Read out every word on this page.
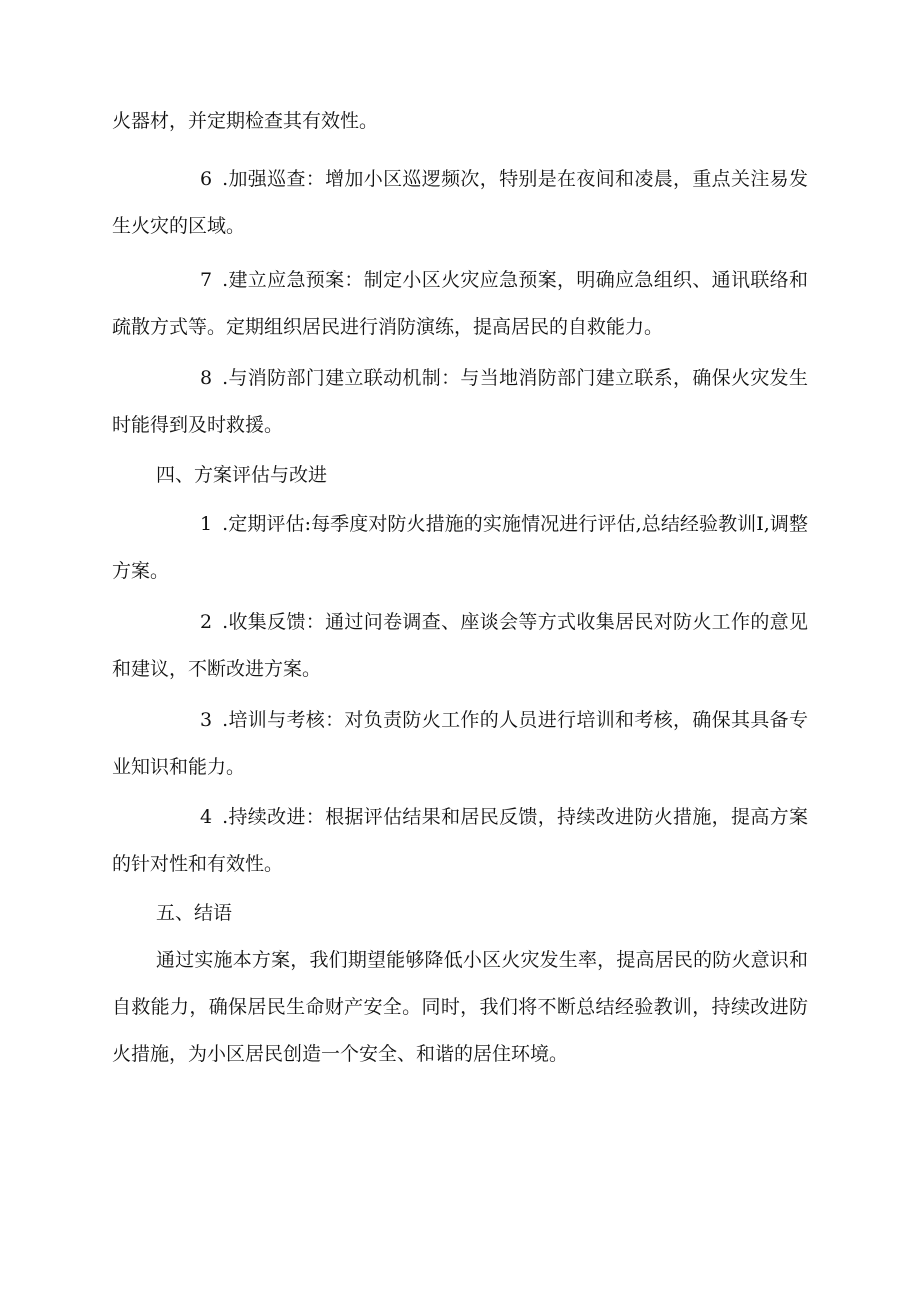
火器材，并定期检查其有效性。

6 .加强巡查：增加小区巡逻频次，特别是在夜间和凌晨，重点关注易发生火灾的区域。

7 .建立应急预案：制定小区火灾应急预案，明确应急组织、通讯联络和疏散方式等。定期组织居民进行消防演练，提高居民的自救能力。

8 .与消防部门建立联动机制：与当地消防部门建立联系，确保火灾发生时能得到及时救援。

四、方案评估与改进

1 .定期评估:每季度对防火措施的实施情况进行评估,总结经验教训I,调整方案。

2 .收集反馈：通过问卷调查、座谈会等方式收集居民对防火工作的意见和建议，不断改进方案。

3 .培训与考核：对负责防火工作的人员进行培训和考核，确保其具备专业知识和能力。

4 .持续改进：根据评估结果和居民反馈，持续改进防火措施，提高方案的针对性和有效性。

五、结语

通过实施本方案，我们期望能够降低小区火灾发生率，提高居民的防火意识和自救能力，确保居民生命财产安全。同时，我们将不断总结经验教训，持续改进防火措施，为小区居民创造一个安全、和谐的居住环境。
